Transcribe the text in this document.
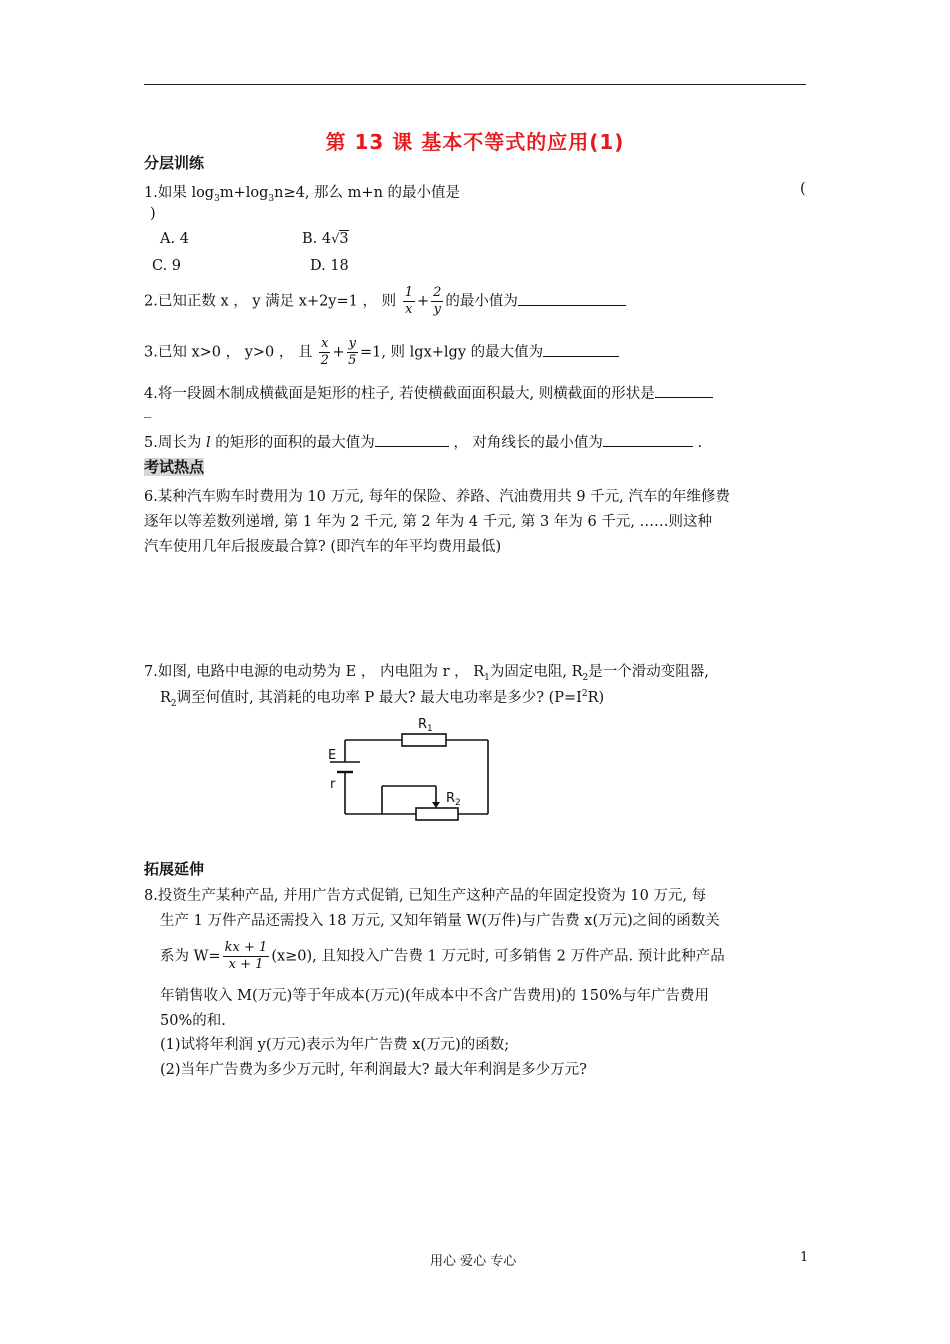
第 13 课 基本不等式的应用(1)
分层训练
1.如果 $\log_3m+\log_3n\ge 4$, 那么 m+n 的最小值是	(
)
A. 4	B. 4√3
C. 9	D. 18
2.已知正数 x ， y 满足 x+2y=1 ， 则 $\frac{1}{x} + \frac{2}{y}$ 的最小值为
3.已知 x>0 ， y>0 ， 且 $\frac{x}{2} + \frac{y}{5} =1$, 则 lgx+lgy 的最大值为
4.将一段圆木制成横截面是矩形的柱子, 若使横截面面积最大, 则横截面的形状是
_
5.周长为 l 的矩形的面积的最大值为	， 对角线长的最小值为	.
考试热点
6.某种汽车购车时费用为 10 万元, 每年的保险、养路、汽油费用共 9 千元, 汽车的年维修费
逐年以等差数列递增, 第 1 年为 2 千元, 第 2 年为 4 千元, 第 3 年为 6 千元, ……则这种
汽车使用几年后报废最合算? (即汽车的年平均费用最低)
7.如图, 电路中电源的电动势为 E ， 内电阻为 r ， $R_1$为固定电阻, $R_2$是一个滑动变阻器,
$R_2$调至何值时, 其消耗的电功率 P 最大? 最大电功率是多少? $(P=I^2R)$
$R_1$
E
r
$R_2$
拓展延伸
8.投资生产某种产品, 并用广告方式促销, 已知生产这种产品的年固定投资为 10 万元, 每
生产 1 万件产品还需投入 18 万元, 又知年销量 W(万件)与广告费 x(万元)之间的函数关
系为 $W= \frac{kx + 1}{x + 1} (x\ge 0)$, 且知投入广告费 1 万元时, 可多销售 2 万件产品. 预计此种产品
年销售收入 M(万元)等于年成本(万元)(年成本中不含广告费用)的 150%与年广告费用
50%的和.
(1)试将年利润 y(万元)表示为年广告费 x(万元)的函数;
(2)当年广告费为多少万元时, 年利润最大? 最大年利润是多少万元?
用心 爱心 专心	1
